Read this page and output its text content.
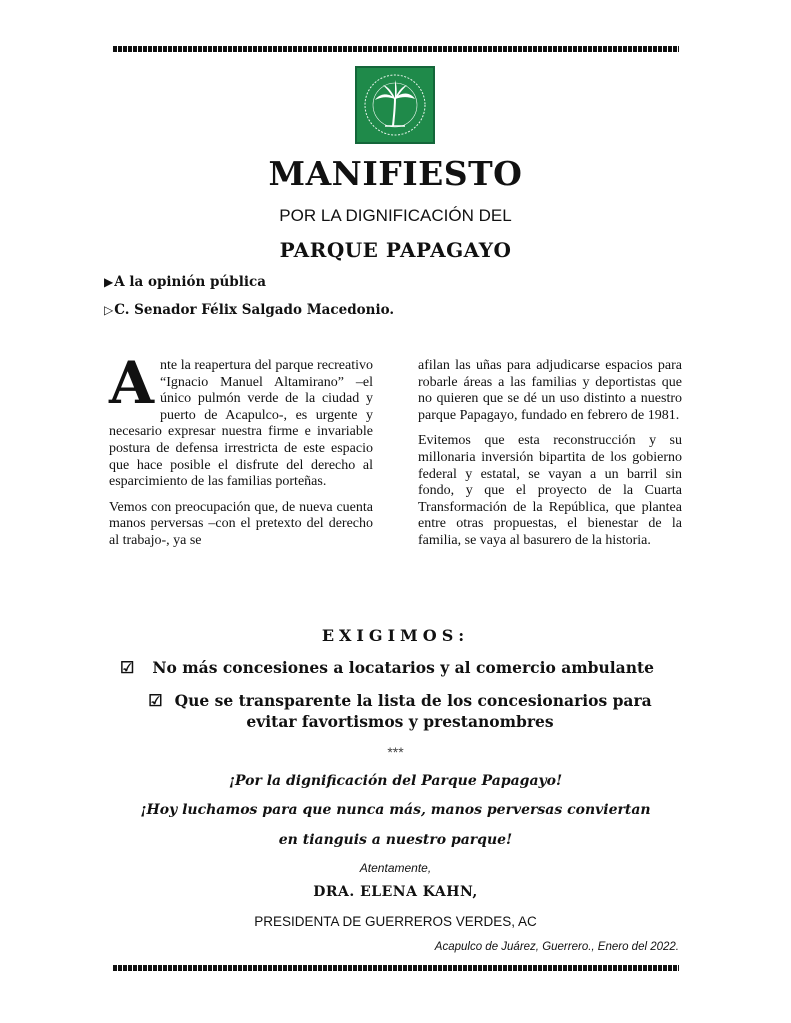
MANIFIESTO
POR LA DIGNIFICACIÓN DEL
PARQUE PAPAGAYO
▶A la opinión pública
▷C. Senador Félix Salgado Macedonio.

Ante la reapertura del parque recreativo “Ignacio Manuel Altamirano” –el único pulmón verde de la ciudad y puerto de Acapulco-, es urgente y necesario expresar nuestra firme e invariable postura de defensa irrestricta de este espacio que hace posible el disfrute del derecho al esparcimiento de las familias porteñas.

Vemos con preocupación que, de nueva cuenta manos perversas –con el pretexto del derecho al trabajo-, ya se

afilan las uñas para adjudicarse espacios para robarle áreas a las familias y deportistas que no quieren que se dé un uso distinto a nuestro parque Papagayo, fundado en febrero de 1981.

Evitemos que esta reconstrucción y su millonaria inversión bipartita de los gobierno federal y estatal, se vayan a un barril sin fondo, y que el proyecto de la Cuarta Transformación de la República, que plantea entre otras propuestas, el bienestar de la familia, se vaya al basurero de la historia.

EXIGIMOS:
☑ No más concesiones a locatarios y al comercio ambulante
☑ Que se transparente la lista de los concesionarios para evitar favortismos y prestanombres
***
¡Por la dignificación del Parque Papagayo!
¡Hoy luchamos para que nunca más, manos perversas conviertan
en tianguis a nuestro parque!
Atentamente,
DRA. ELENA KAHN,
PRESIDENTA DE GUERREROS VERDES, AC
Acapulco de Juárez, Guerrero., Enero del 2022.
